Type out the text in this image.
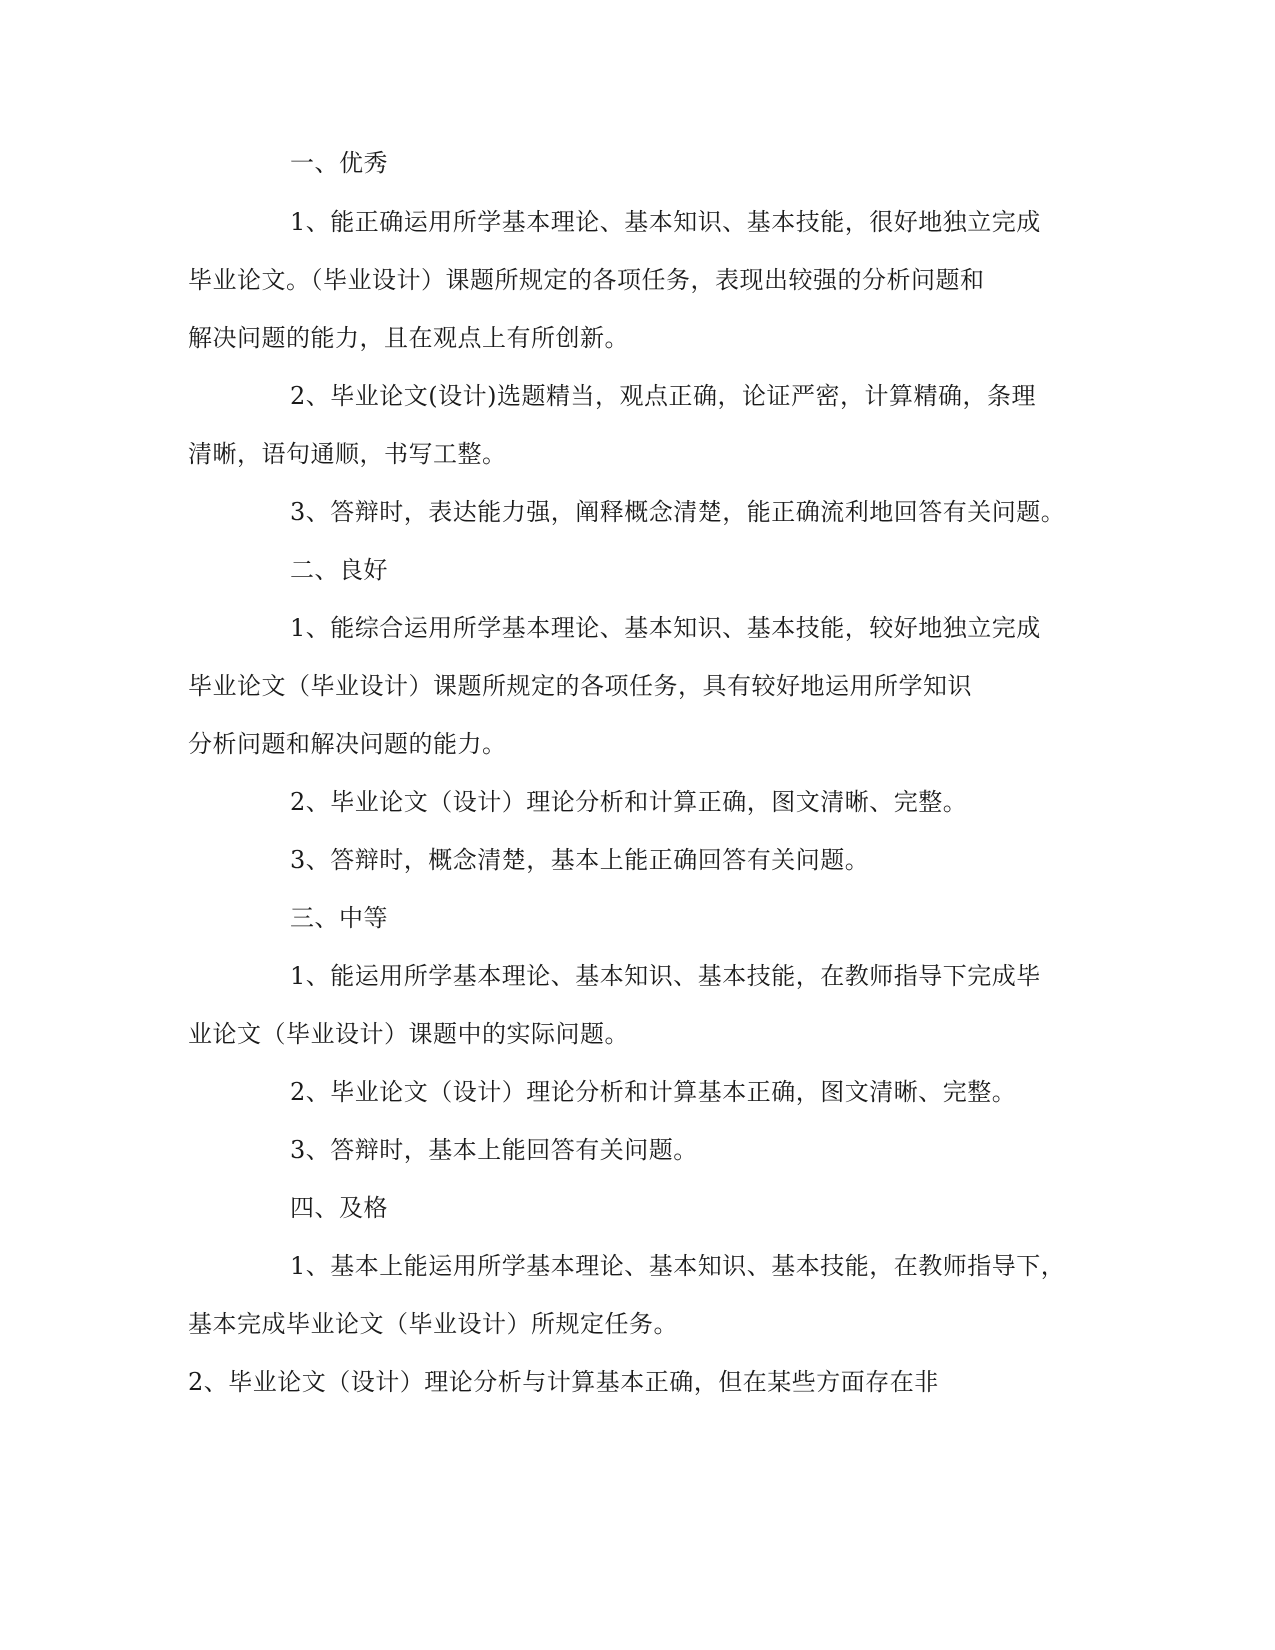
一、优秀
1、能正确运用所学基本理论、基本知识、基本技能，很好地独立完成
毕业论文。（毕业设计）课题所规定的各项任务，表现出较强的分析问题和
解决问题的能力，且在观点上有所创新。
2、毕业论文(设计)选题精当，观点正确，论证严密，计算精确，条理
清晰，语句通顺，书写工整。
3、答辩时，表达能力强，阐释概念清楚，能正确流利地回答有关问题。
二、良好
1、能综合运用所学基本理论、基本知识、基本技能，较好地独立完成
毕业论文（毕业设计）课题所规定的各项任务，具有较好地运用所学知识
分析问题和解决问题的能力。
2、毕业论文（设计）理论分析和计算正确，图文清晰、完整。
3、答辩时，概念清楚，基本上能正确回答有关问题。
三、中等
1、能运用所学基本理论、基本知识、基本技能，在教师指导下完成毕
业论文（毕业设计）课题中的实际问题。
2、毕业论文（设计）理论分析和计算基本正确，图文清晰、完整。
3、答辩时，基本上能回答有关问题。
四、及格
1、基本上能运用所学基本理论、基本知识、基本技能，在教师指导下，
基本完成毕业论文（毕业设计）所规定任务。
2、毕业论文（设计）理论分析与计算基本正确，但在某些方面存在非
